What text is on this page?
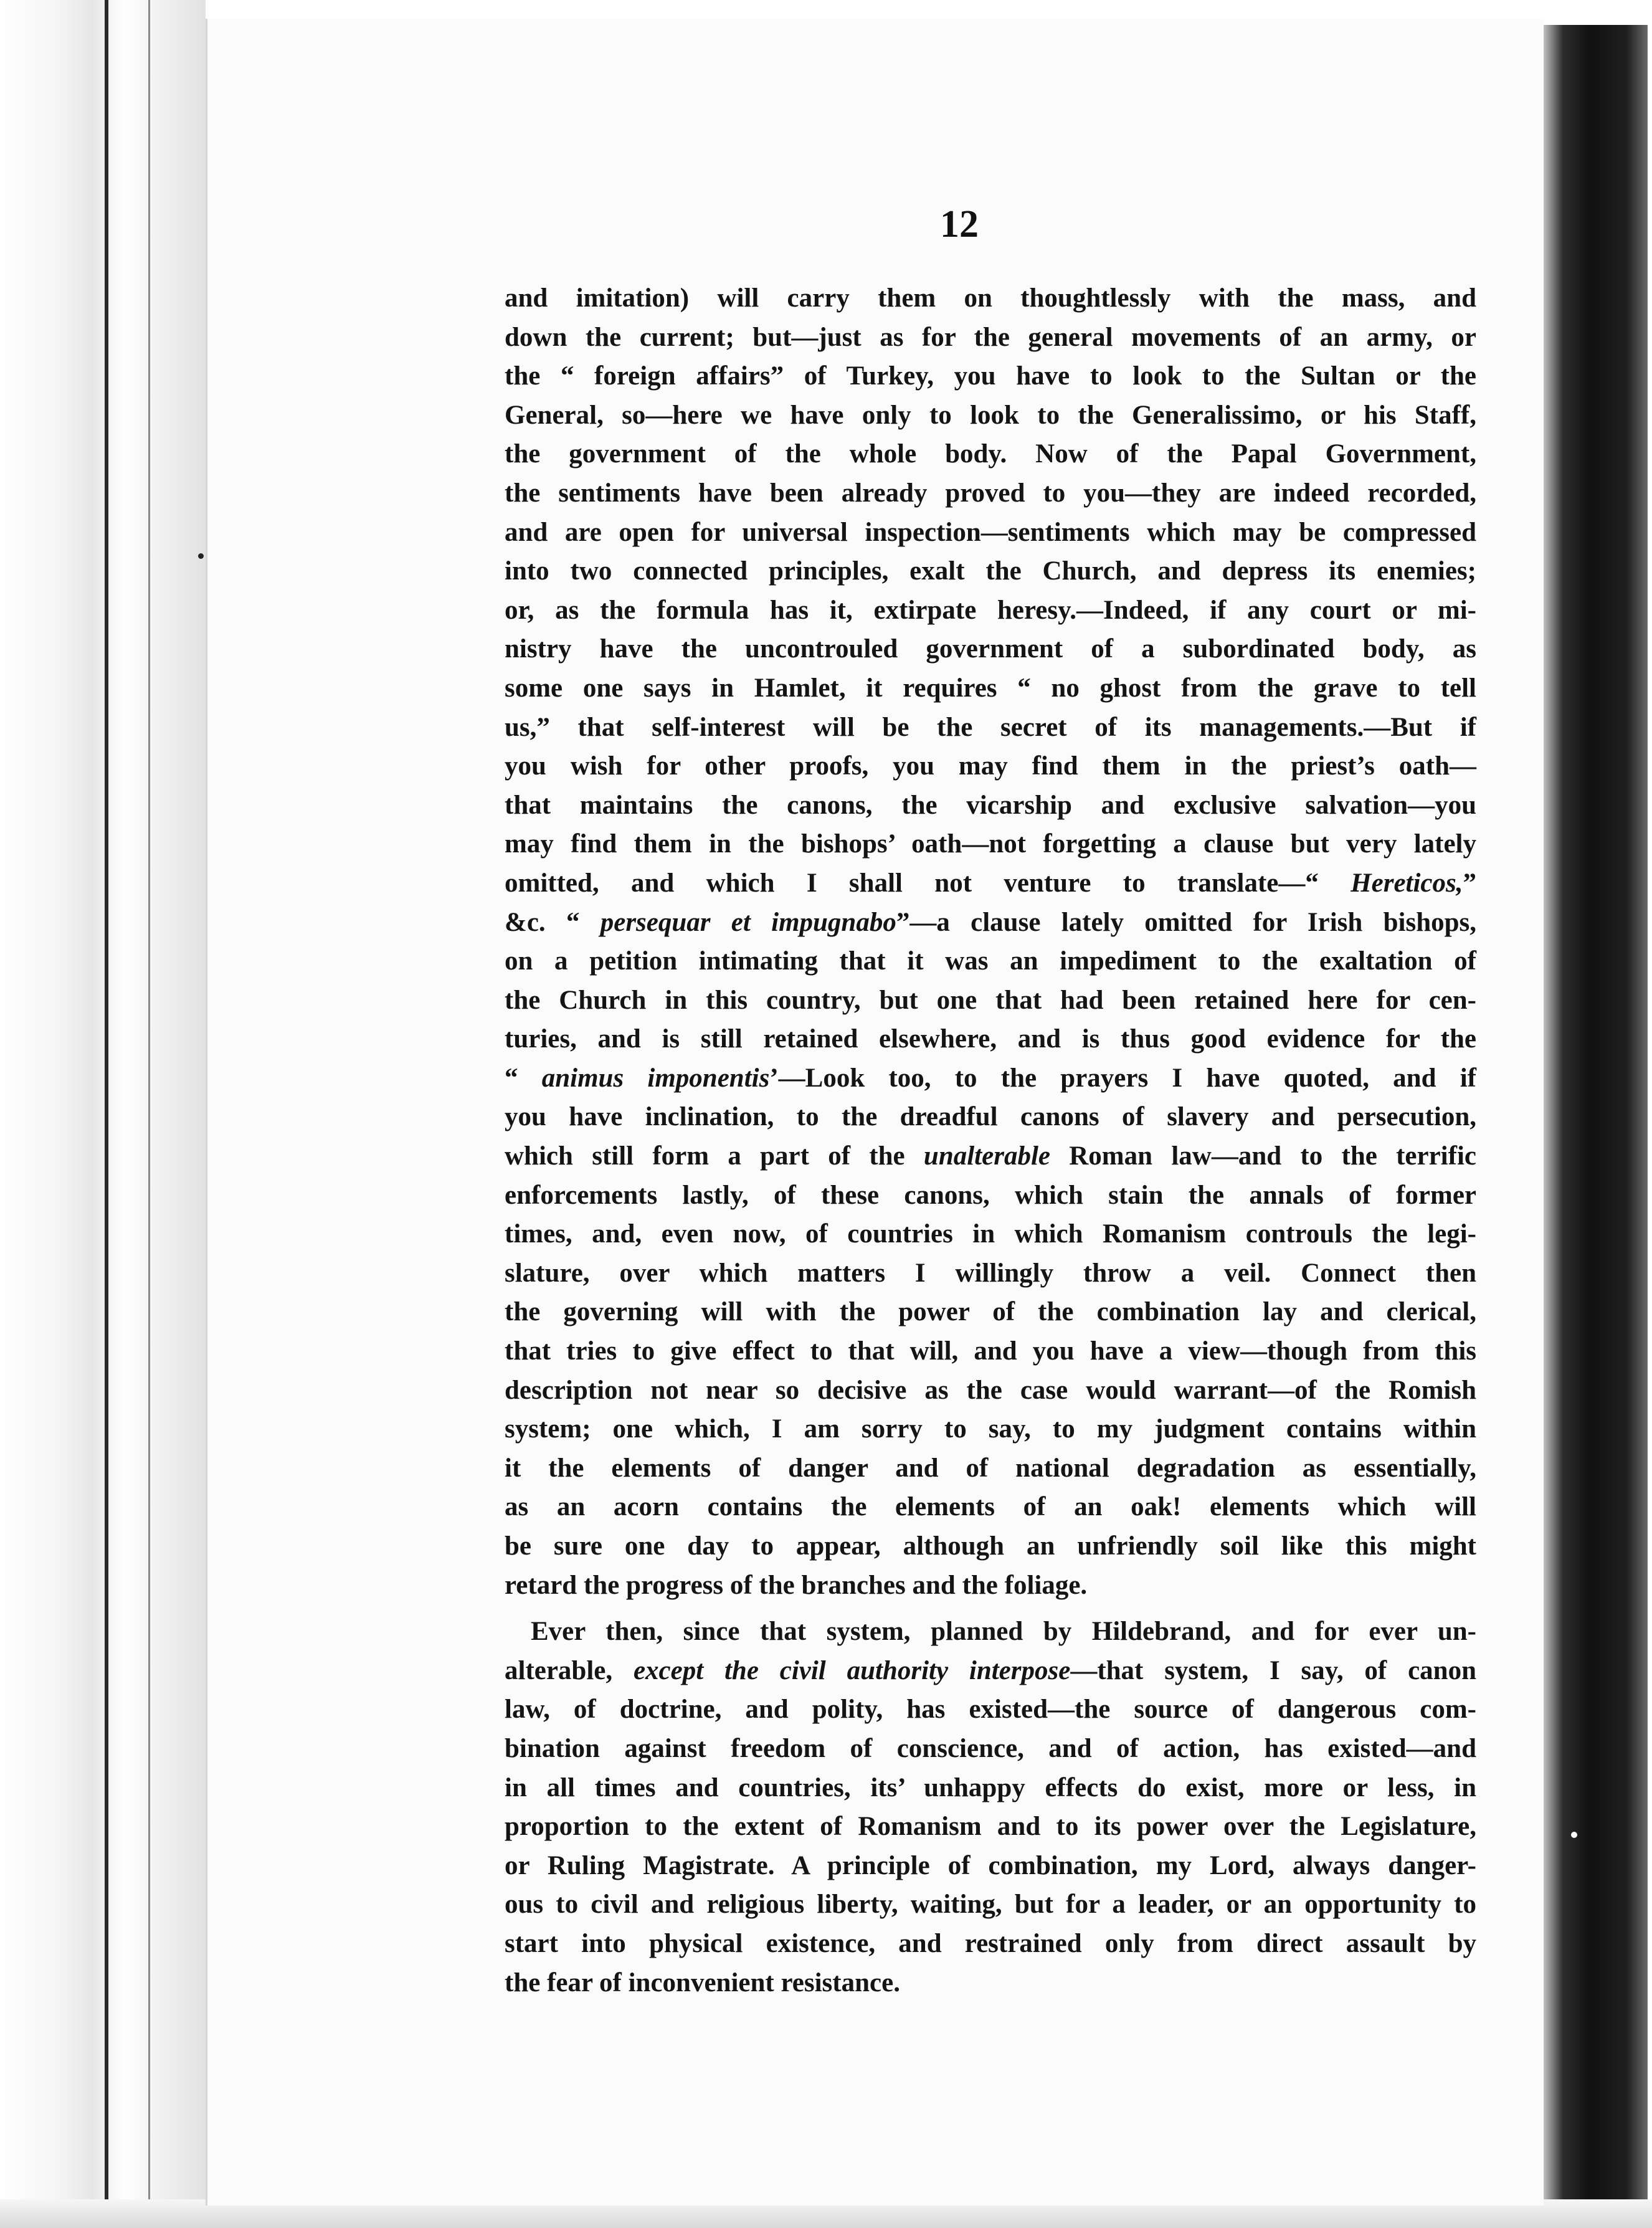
12
and imitation) will carry them on thoughtlessly with the mass, and
down the current; but—just as for the general movements of an army, or
the “ foreign affairs” of Turkey, you have to look to the Sultan or the
General, so—here we have only to look to the Generalissimo, or his Staff,
the government of the whole body. Now of the Papal Government,
the sentiments have been already proved to you—they are indeed recorded,
and are open for universal inspection—sentiments which may be compressed
into two connected principles, exalt the Church, and depress its enemies;
or, as the formula has it, extirpate heresy.—Indeed, if any court or mi-
nistry have the uncontrouled government of a subordinated body, as
some one says in Hamlet, it requires “ no ghost from the grave to tell
us,” that self-interest will be the secret of its managements.—But if
you wish for other proofs, you may find them in the priest’s oath—
that maintains the canons, the vicarship and exclusive salvation—you
may find them in the bishops’ oath—not forgetting a clause but very lately
omitted, and which I shall not venture to translate—“ Hereticos,”
&c. “ persequar et impugnabo”—a clause lately omitted for Irish bishops,
on a petition intimating that it was an impediment to the exaltation of
the Church in this country, but one that had been retained here for cen-
turies, and is still retained elsewhere, and is thus good evidence for the
“ animus imponentis’—Look too, to the prayers I have quoted, and if
you have inclination, to the dreadful canons of slavery and persecution,
which still form a part of the unalterable Roman law—and to the terrific
enforcements lastly, of these canons, which stain the annals of former
times, and, even now, of countries in which Romanism controuls the legi-
slature, over which matters I willingly throw a veil. Connect then
the governing will with the power of the combination lay and clerical,
that tries to give effect to that will, and you have a view—though from this
description not near so decisive as the case would warrant—of the Romish
system; one which, I am sorry to say, to my judgment contains within
it the elements of danger and of national degradation as essentially,
as an acorn contains the elements of an oak! elements which will
be sure one day to appear, although an unfriendly soil like this might
retard the progress of the branches and the foliage.
Ever then, since that system, planned by Hildebrand, and for ever un-
alterable, except the civil authority interpose—that system, I say, of canon
law, of doctrine, and polity, has existed—the source of dangerous com-
bination against freedom of conscience, and of action, has existed—and
in all times and countries, its’ unhappy effects do exist, more or less, in
proportion to the extent of Romanism and to its power over the Legislature,
or Ruling Magistrate. A principle of combination, my Lord, always danger-
ous to civil and religious liberty, waiting, but for a leader, or an opportunity to
start into physical existence, and restrained only from direct assault by
the fear of inconvenient resistance.
